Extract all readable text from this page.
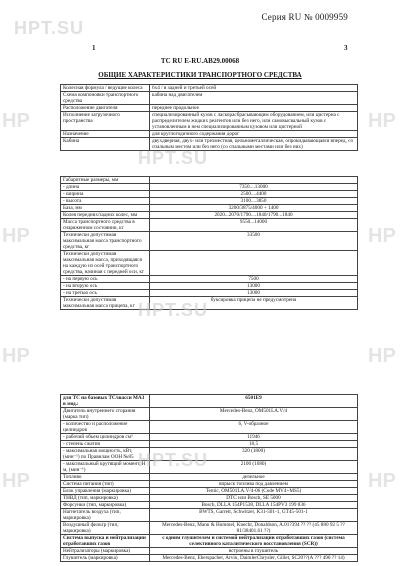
Серия RU № 0009959
1	3
ТС RU Е-RU.АВ29.00068
ОБЩИЕ ХАРАКТЕРИСТИКИ ТРАНСПОРТНОГО СРЕДСТВА
Колесная формула / ведущие колеса	6х4 / в задней и третьей осей
Схема компоновки транспортного средства	кабина над двигателем
Расположение двигателя	переднее продольное
Исполнение загрузочного пространства	специализированный кузов с ласкорасбрасывающим оборудованием, или цистерна с распределителем жидких реагентов или без него, или самовысвальный кузов с установленным в нем специализированным кузовом или цистерной
Назначение	для круглогодичного содержания дорог
Кабина	двухдверная, двух- или трехместная, цельнометаллическая, опрокидывающаяся вперед, со спальным местом или без него (со спальными местами или без них)
Габаритные размеры, мм	
- длина	7350....13000
- ширина	2500....4400
- высота	3100....3850
База, мм	3200/3875/4000 + 1400
Колея передних/задних колес, мм	2020...2070/1790....1840/1790...1840
Масса транспортного средства в снаряженном состоянии, кг	9550...14000
Технически допустимая максимальная масса транспортного средства, кг	33500
Технически допустимая максимальная масса, приходящаяся на каждую из осей транспортного средства, начиная с передней оси, кг	
- на первую ось	7500
- на вторую ось	13000
- на третью ось	13000
Технически допустимая максимальная масса прицепа, кг	буксировка прицепа не предусмотрена
для ТС на базовых ТС/шасси МАЗ в мод.:	6501Е9
Двигатель внутреннего сгорания (марка тип)	Mercedes-Benz, OM501LA.V/4
- количество и расположение цилиндров	6, V-образное
- рабочий объем цилиндров см³	11946
- степень сжатия	18,5
- максимальная мощность, кВт, (мин⁻¹) по Правилам ООН №85	320 (1800)
- максимальный крутящий момент, Н м, (мин⁻¹)	2100 (1080)
Топливо	дизельное
Система питания (тип)	впрыск топлива под давлением
Блок управления (маркировка)	Temic, OM501LA.V/4-06 (Code MV4+MS5)
ТНВД (тип, маркировка)	DTC или Bosch, SE 5000
Форсунки (тип, маркировка)	Bosch, DLLA 154P1538, DLLA 154PV3 199 836
Нагнетатель воздуха (тип, маркировка)	BWTS, Garrett, Schwitzer, K31-501-1, GT45-501-1
Воздушный фильтр (тип, маркировка)	Mercedes-Benz, Mann & Hummel, Knecht, Donaldson, A.01?394 ?? ?? (45 880 92 5 ?? 81/38401.61 ??)
Система выпуска и нейтрализации отработавших газов	с одним глушителем и системой нейтрализации отработавших газов (система селективного каталитического восстановления (SCR))
Нейтрализаторы (маркировка)	встроены в глушитель
Глушитель (маркировка)	Mercedes-Benz, Eberspacher, Arvin, DaimlerChrysler, Gillet, SC20??(А ??? 490 ?? 14)
HPT.SU
HPT.SU
HPT.SU
HPT.SU
HP
HP
HP
HP
HP
HP
HP
HP
